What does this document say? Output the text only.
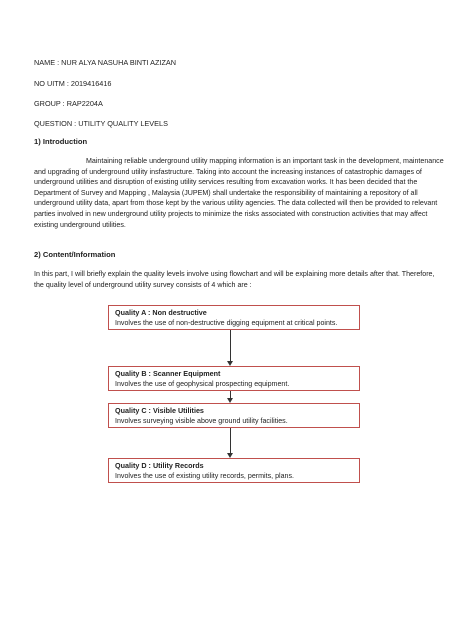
NAME : NUR ALYA NASUHA BINTI AZIZAN
NO UITM : 2019416416
GROUP : RAP2204A
QUESTION : UTILITY QUALITY LEVELS
1) Introduction

Maintaining reliable underground utility mapping information is an important task in the development, maintenance and upgrading of underground utility insfastructure. Taking into account the increasing instances of catastrophic damages of underground utilities and disruption of existing utility services resulting from excavation works. It has been decided that the Department of Survey and Mapping , Malaysia (JUPEM) shall undertake the responsibility of maintaining a repository of all underground utility data, apart from those kept by the various utility agencies. The data collected will then be provided to relevant parties involved in new underground utility projects to minimize the risks associated with construction activities that may affect existing underground utilities.

2) Content/Information

In this part, I will briefly explain the quality levels involve using flowchart and will be explaining more details after that. Therefore, the quality level of underground utility survey consists of 4 which are :

Quality A : Non destructive
Involves the use of non-destructive digging equipment at critical points.
Quality B : Scanner Equipment
Involves the use of geophysical prospecting equipment.
Quality C : Visible Utilities
Involves surveying visible above ground utility facilities.
Quality D : Utility Records
Involves the use of existing utility records, permits, plans.
